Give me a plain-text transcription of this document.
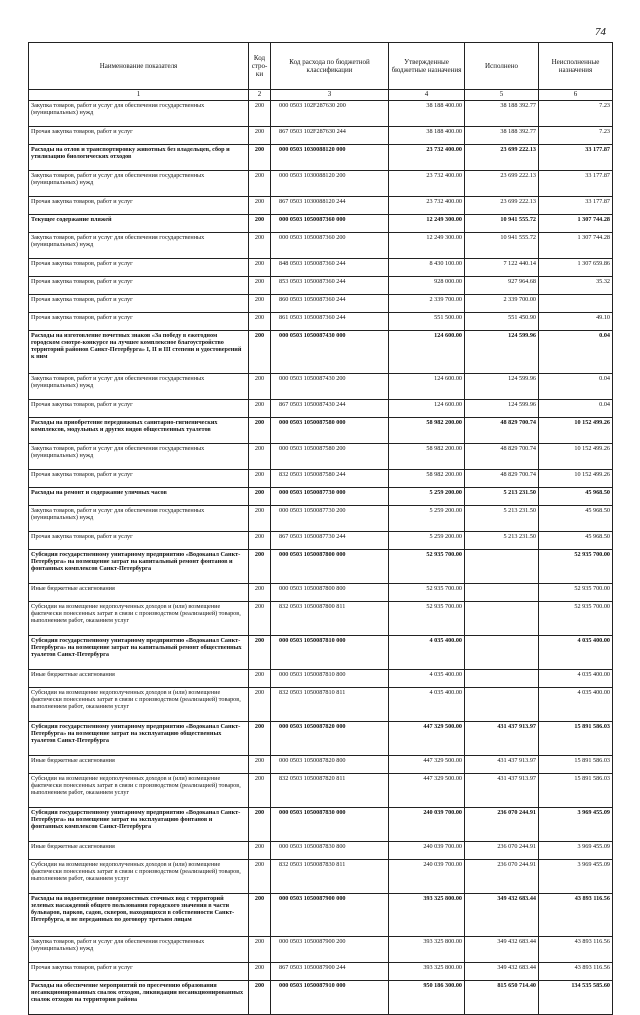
74
Наименование показателя	Код стро-ки	Код расхода по бюджетной классификации	Утвержденные бюджетные назначения	Исполнено	Неисполненные назначения
1	2	3	4	5	6
Закупка товаров, работ и услуг для обеспечения государственных (муниципальных) нужд	200	000 0503 102F287630 200	38 188 400.00	38 188 392.77	7.23
Прочая закупка товаров, работ и услуг	200	867 0503 102F287630 244	38 188 400.00	38 188 392.77	7.23
Расходы на отлов и транспортировку животных без владельцев, сбор и утилизацию биологических отходов	200	000 0503 1030088120 000	23 732 400.00	23 699 222.13	33 177.87
Закупка товаров, работ и услуг для обеспечения государственных (муниципальных) нужд	200	000 0503 1030088120 200	23 732 400.00	23 699 222.13	33 177.87
Прочая закупка товаров, работ и услуг	200	867 0503 1030088120 244	23 732 400.00	23 699 222.13	33 177.87
Текущее содержание пляжей	200	000 0503 1050087360 000	12 249 300.00	10 941 555.72	1 307 744.28
Закупка товаров, работ и услуг для обеспечения государственных (муниципальных) нужд	200	000 0503 1050087360 200	12 249 300.00	10 941 555.72	1 307 744.28
Прочая закупка товаров, работ и услуг	200	848 0503 1050087360 244	8 430 100.00	7 122 440.14	1 307 659.86
Прочая закупка товаров, работ и услуг	200	853 0503 1050087360 244	928 000.00	927 964.68	35.32
Прочая закупка товаров, работ и услуг	200	860 0503 1050087360 244	2 339 700.00	2 339 700.00	
Прочая закупка товаров, работ и услуг	200	861 0503 1050087360 244	551 500.00	551 450.90	49.10
Расходы на изготовление почетных знаков «За победу в ежегодном городском смотре-конкурсе на лучшее комплексное благоустройство территорий районов Санкт-Петербурга» I, II и III степени и удостоверений к ним	200	000 0503 1050087430 000	124 600.00	124 599.96	0.04
Закупка товаров, работ и услуг для обеспечения государственных (муниципальных) нужд	200	000 0503 1050087430 200	124 600.00	124 599.96	0.04
Прочая закупка товаров, работ и услуг	200	867 0503 1050087430 244	124 600.00	124 599.96	0.04
Расходы на приобретение передвижных санитарно-гигиенических комплексов, модульных и других видов общественных туалетов	200	000 0503 1050087580 000	58 982 200.00	48 829 700.74	10 152 499.26
Закупка товаров, работ и услуг для обеспечения государственных (муниципальных) нужд	200	000 0503 1050087580 200	58 982 200.00	48 829 700.74	10 152 499.26
Прочая закупка товаров, работ и услуг	200	832 0503 1050087580 244	58 982 200.00	48 829 700.74	10 152 499.26
Расходы на ремонт и содержание уличных часов	200	000 0503 1050087730 000	5 259 200.00	5 213 231.50	45 968.50
Закупка товаров, работ и услуг для обеспечения государственных (муниципальных) нужд	200	000 0503 1050087730 200	5 259 200.00	5 213 231.50	45 968.50
Прочая закупка товаров, работ и услуг	200	867 0503 1050087730 244	5 259 200.00	5 213 231.50	45 968.50
Субсидия государственному унитарному предприятию «Водоканал Санкт-Петербурга» на возмещение затрат на капитальный ремонт фонтанов и фонтанных комплексов Санкт-Петербурга	200	000 0503 1050087800 000	52 935 700.00		52 935 700.00
Иные бюджетные ассигнования	200	000 0503 1050087800 800	52 935 700.00		52 935 700.00
Субсидии на возмещение недополученных доходов и (или) возмещение фактически понесенных затрат в связи с производством (реализацией) товаров, выполнением работ, оказанием услуг	200	832 0503 1050087800 811	52 935 700.00		52 935 700.00
Субсидия государственному унитарному предприятию «Водоканал Санкт-Петербурга» на возмещение затрат на капитальный ремонт общественных туалетов Санкт-Петербурга	200	000 0503 1050087810 000	4 035 400.00		4 035 400.00
Иные бюджетные ассигнования	200	000 0503 1050087810 800	4 035 400.00		4 035 400.00
Субсидии на возмещение недополученных доходов и (или) возмещение фактически понесенных затрат в связи с производством (реализацией) товаров, выполнением работ, оказанием услуг	200	832 0503 1050087810 811	4 035 400.00		4 035 400.00
Субсидия государственному унитарному предприятию «Водоканал Санкт-Петербурга» на возмещение затрат на эксплуатацию общественных туалетов Санкт-Петербурга	200	000 0503 1050087820 000	447 329 500.00	431 437 913.97	15 891 586.03
Иные бюджетные ассигнования	200	000 0503 1050087820 800	447 329 500.00	431 437 913.97	15 891 586.03
Субсидии на возмещение недополученных доходов и (или) возмещение фактически понесенных затрат в связи с производством (реализацией) товаров, выполнением работ, оказанием услуг	200	832 0503 1050087820 811	447 329 500.00	431 437 913.97	15 891 586.03
Субсидия государственному унитарному предприятию «Водоканал Санкт-Петербурга» на возмещение затрат на эксплуатацию фонтанов и фонтанных комплексов Санкт-Петербурга	200	000 0503 1050087830 000	240 039 700.00	236 070 244.91	3 969 455.09
Иные бюджетные ассигнования	200	000 0503 1050087830 800	240 039 700.00	236 070 244.91	3 969 455.09
Субсидии на возмещение недополученных доходов и (или) возмещение фактически понесенных затрат в связи с производством (реализацией) товаров, выполнением работ, оказанием услуг	200	832 0503 1050087830 811	240 039 700.00	236 070 244.91	3 969 455.09
Расходы на водоотведение поверхностных сточных вод с территорий зеленых насаждений общего пользования городского значения в части бульваров, парков, садов, скверов, находящихся в собственности Санкт-Петербурга, и не переданных по договору третьим лицам	200	000 0503 1050087900 000	393 325 800.00	349 432 683.44	43 893 116.56
Закупка товаров, работ и услуг для обеспечения государственных (муниципальных) нужд	200	000 0503 1050087900 200	393 325 800.00	349 432 683.44	43 893 116.56
Прочая закупка товаров, работ и услуг	200	867 0503 1050087900 244	393 325 800.00	349 432 683.44	43 893 116.56
Расходы на обеспечение мероприятий по пресечению образования несанкционированных свалок отходов, ликвидации несанкционированных свалок отходов на территории района	200	000 0503 1050087910 000	950 186 300.00	815 650 714.40	134 535 585.60
